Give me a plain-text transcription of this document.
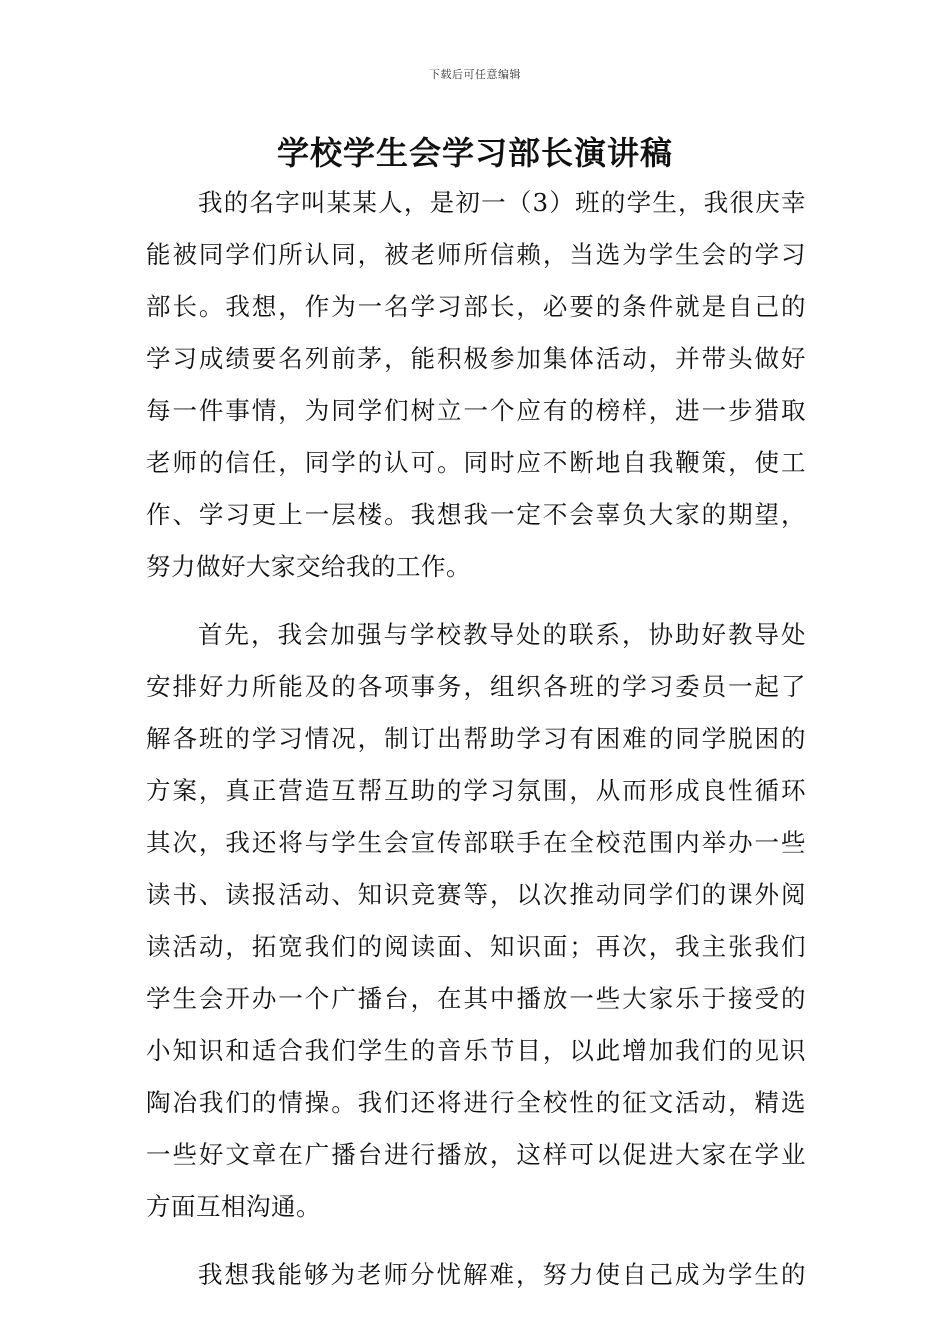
下载后可任意编辑
学校学生会学习部长演讲稿
我的名字叫某某人，是初一（3）班的学生，我很庆幸
能被同学们所认同，被老师所信赖，当选为学生会的学习
部长。我想，作为一名学习部长，必要的条件就是自己的
学习成绩要名列前茅，能积极参加集体活动，并带头做好
每一件事情，为同学们树立一个应有的榜样，进一步猎取
老师的信任，同学的认可。同时应不断地自我鞭策，使工
作、学习更上一层楼。我想我一定不会辜负大家的期望，
努力做好大家交给我的工作。
首先，我会加强与学校教导处的联系，协助好教导处
安排好力所能及的各项事务，组织各班的学习委员一起了
解各班的学习情况，制订出帮助学习有困难的同学脱困的
方案，真正营造互帮互助的学习氛围，从而形成良性循环
其次，我还将与学生会宣传部联手在全校范围内举办一些
读书、读报活动、知识竞赛等，以次推动同学们的课外阅
读活动，拓宽我们的阅读面、知识面；再次，我主张我们
学生会开办一个广播台，在其中播放一些大家乐于接受的
小知识和适合我们学生的音乐节目，以此增加我们的见识
陶冶我们的情操。我们还将进行全校性的征文活动，精选
一些好文章在广播台进行播放，这样可以促进大家在学业
方面互相沟通。
我想我能够为老师分忧解难，努力使自己成为学生的
